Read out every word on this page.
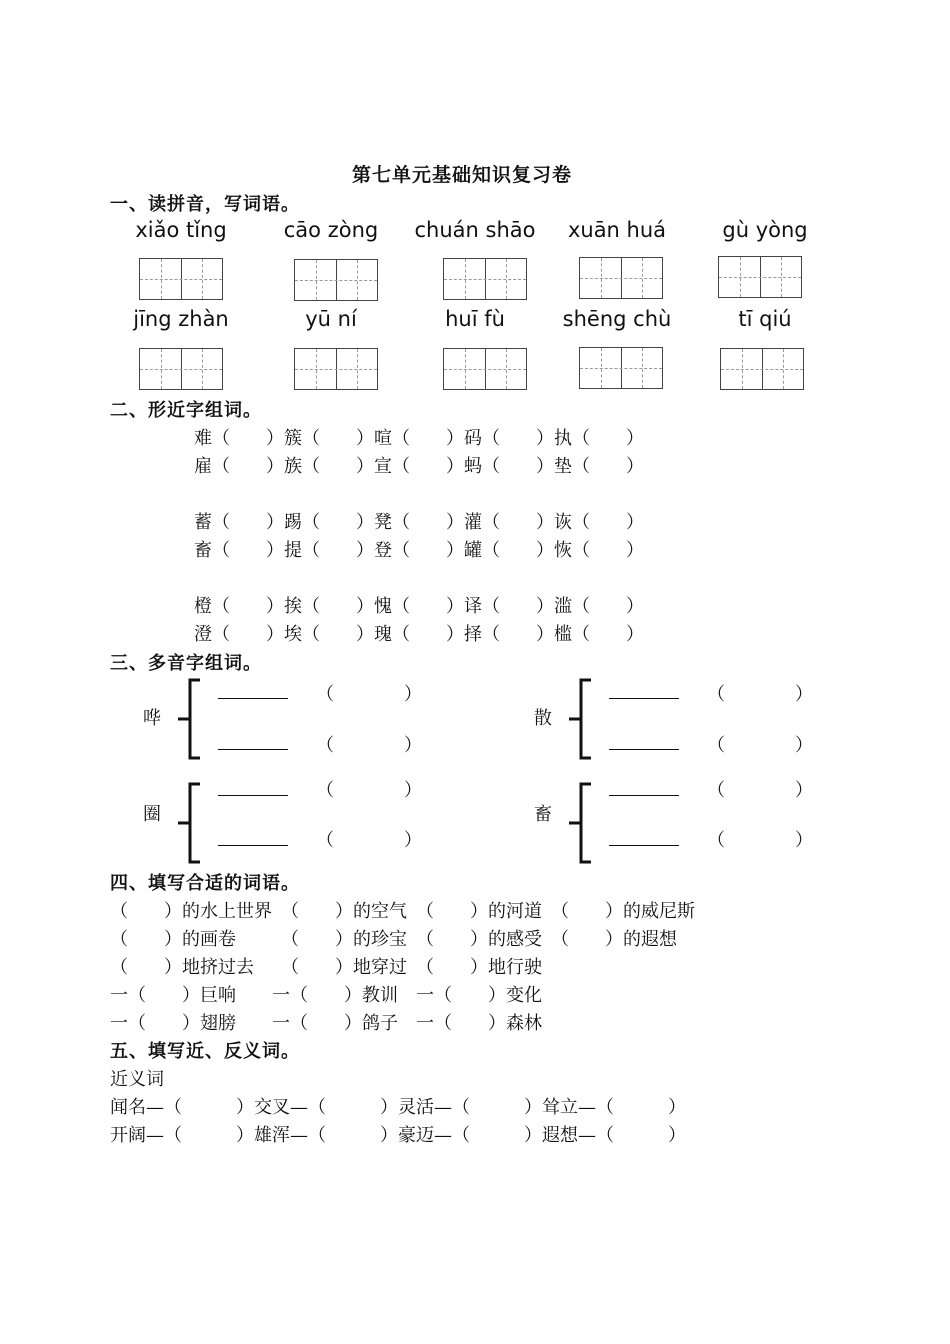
第七单元基础知识复习卷
一、读拼音，写词语。
xiǎo tǐng	cāo zòng	chuán shāo	xuān huá	gù yòng
jīng zhàn	yū ní	huī fù	shēng chù	tī qiú
二、形近字组词。
难（　　）簇（　　）喧（　　）码（　　）执（　　）
雇（　　）族（　　）宣（　　）蚂（　　）垫（　　）
蓄（　　）踢（　　）凳（　　）灌（　　）诙（　　）
畜（　　）提（　　）登（　　）罐（　　）恢（　　）
橙（　　）挨（　　）愧（　　）译（　　）滥（　　）
澄（　　）埃（　　）瑰（　　）择（　　）槛（　　）
三、多音字组词。
哗
（	）
（	）
散
（	）
（	）
圈
（	）
（	）
畜
（	）
（	）
四、填写合适的词语。
（　　）的水上世界　（　　）的空气　（　　）的河道　（　　）的威尼斯
（　　）的画卷　　　（　　）的珍宝　（　　）的感受　（　　）的遐想
（　　）地挤过去　　（　　）地穿过　（　　）地行驶
一（　　）巨响　　一（　　）教训　一（　　）变化
一（　　）翅膀　　一（　　）鸽子　一（　　）森林
五、填写近、反义词。
近义词
闻名—（　　　）交叉—（　　　）灵活—（　　　）耸立—（　　　）
开阔—（　　　）雄浑—（　　　）豪迈—（　　　）遐想—（　　　）
